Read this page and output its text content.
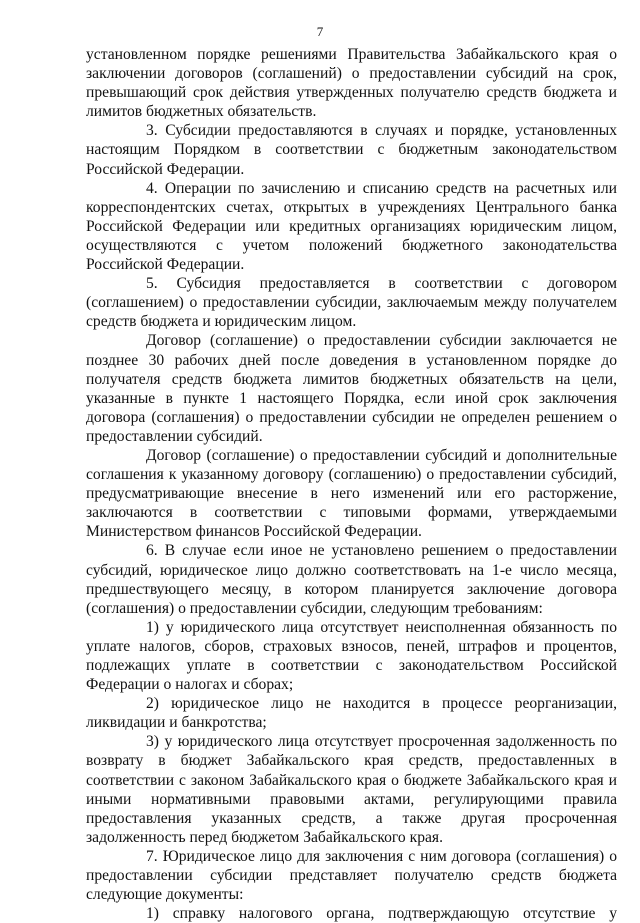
7

установленном порядке решениями Правительства Забайкальского края о заключении договоров (соглашений) о предоставлении субсидий на срок, превышающий срок действия утвержденных получателю средств бюджета и лимитов бюджетных обязательств.

3. Субсидии предоставляются в случаях и порядке, установленных настоящим Порядком в соответствии с бюджетным законодательством Российской Федерации.

4. Операции по зачислению и списанию средств на расчетных или корреспондентских счетах, открытых в учреждениях Центрального банка Российской Федерации или кредитных организациях юридическим лицом, осуществляются с учетом положений бюджетного законодательства Российской Федерации.

5. Субсидия предоставляется в соответствии с договором (соглашением) о предоставлении субсидии, заключаемым между получателем средств бюджета и юридическим лицом.

Договор (соглашение) о предоставлении субсидии заключается не позднее 30 рабочих дней после доведения в установленном порядке до получателя средств бюджета лимитов бюджетных обязательств на цели, указанные в пункте 1 настоящего Порядка, если иной срок заключения договора (соглашения) о предоставлении субсидии не определен решением о предоставлении субсидий.

Договор (соглашение) о предоставлении субсидий и дополнительные соглашения к указанному договору (соглашению) о предоставлении субсидий, предусматривающие внесение в него изменений или его расторжение, заключаются в соответствии с типовыми формами, утверждаемыми Министерством финансов Российской Федерации.

6. В случае если иное не установлено решением о предоставлении субсидий, юридическое лицо должно соответствовать на 1-е число месяца, предшествующего месяцу, в котором планируется заключение договора (соглашения) о предоставлении субсидии, следующим требованиям:

1) у юридического лица отсутствует неисполненная обязанность по уплате налогов, сборов, страховых взносов, пеней, штрафов и процентов, подлежащих уплате в соответствии с законодательством Российской Федерации о налогах и сборах;

2) юридическое лицо не находится в процессе реорганизации, ликвидации и банкротства;

3) у юридического лица отсутствует просроченная задолженность по возврату в бюджет Забайкальского края средств, предоставленных в соответствии с законом Забайкальского края о бюджете Забайкальского края и иными нормативными правовыми актами, регулирующими правила предоставления указанных средств, а также другая просроченная задолженность перед бюджетом Забайкальского края.

7. Юридическое лицо для заключения с ним договора (соглашения) о предоставлении субсидии представляет получателю средств бюджета следующие документы:

1) справку налогового органа, подтверждающую отсутствие у
